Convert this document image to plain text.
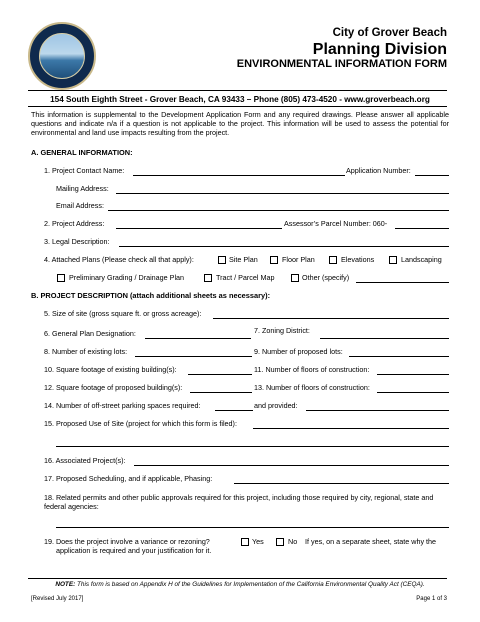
City of Grover Beach
Planning Division
ENVIRONMENTAL INFORMATION FORM
154 South Eighth Street - Grover Beach, CA 93433 – Phone (805) 473-4520 - www.groverbeach.org
This information is supplemental to the Development Application Form and any required drawings. Please answer all applicable questions and indicate n/a if a question is not applicable to the project. This information will be used to assess the potential for environmental and land use impacts resulting from the project.
A. GENERAL INFORMATION:
1. Project Contact Name:	Application Number:
Mailing Address:
Email Address:
2. Project Address:	Assessor’s Parcel Number: 060-
3. Legal Description:
4. Attached Plans (Please check all that apply):	Site Plan	Floor Plan	Elevations	Landscaping
Preliminary Grading / Drainage Plan	Tract / Parcel Map	Other (specify)
B. PROJECT DESCRIPTION (attach additional sheets as necessary):
5. Size of site (gross square ft. or gross acreage):
6. General Plan Designation:	7. Zoning District:
8. Number of existing lots:	9. Number of proposed lots:
10. Square footage of existing building(s):	11. Number of floors of construction:
12. Square footage of proposed building(s):	13. Number of floors of construction:
14. Number of off-street parking spaces required:	and provided:
15. Proposed Use of Site (project for which this form is filed):
16. Associated Project(s):
17. Proposed Scheduling, and if applicable, Phasing:
18. Related permits and other public approvals required for this project, including those required by city, regional, state and federal agencies:
19. Does the project involve a variance or rezoning?	Yes	No If yes, on a separate sheet, state why the
application is required and your justification for it.
NOTE: This form is based on Appendix H of the Guidelines for Implementation of the California Environmental Quality Act (CEQA).
[Revised July 2017]	Page 1 of 3
